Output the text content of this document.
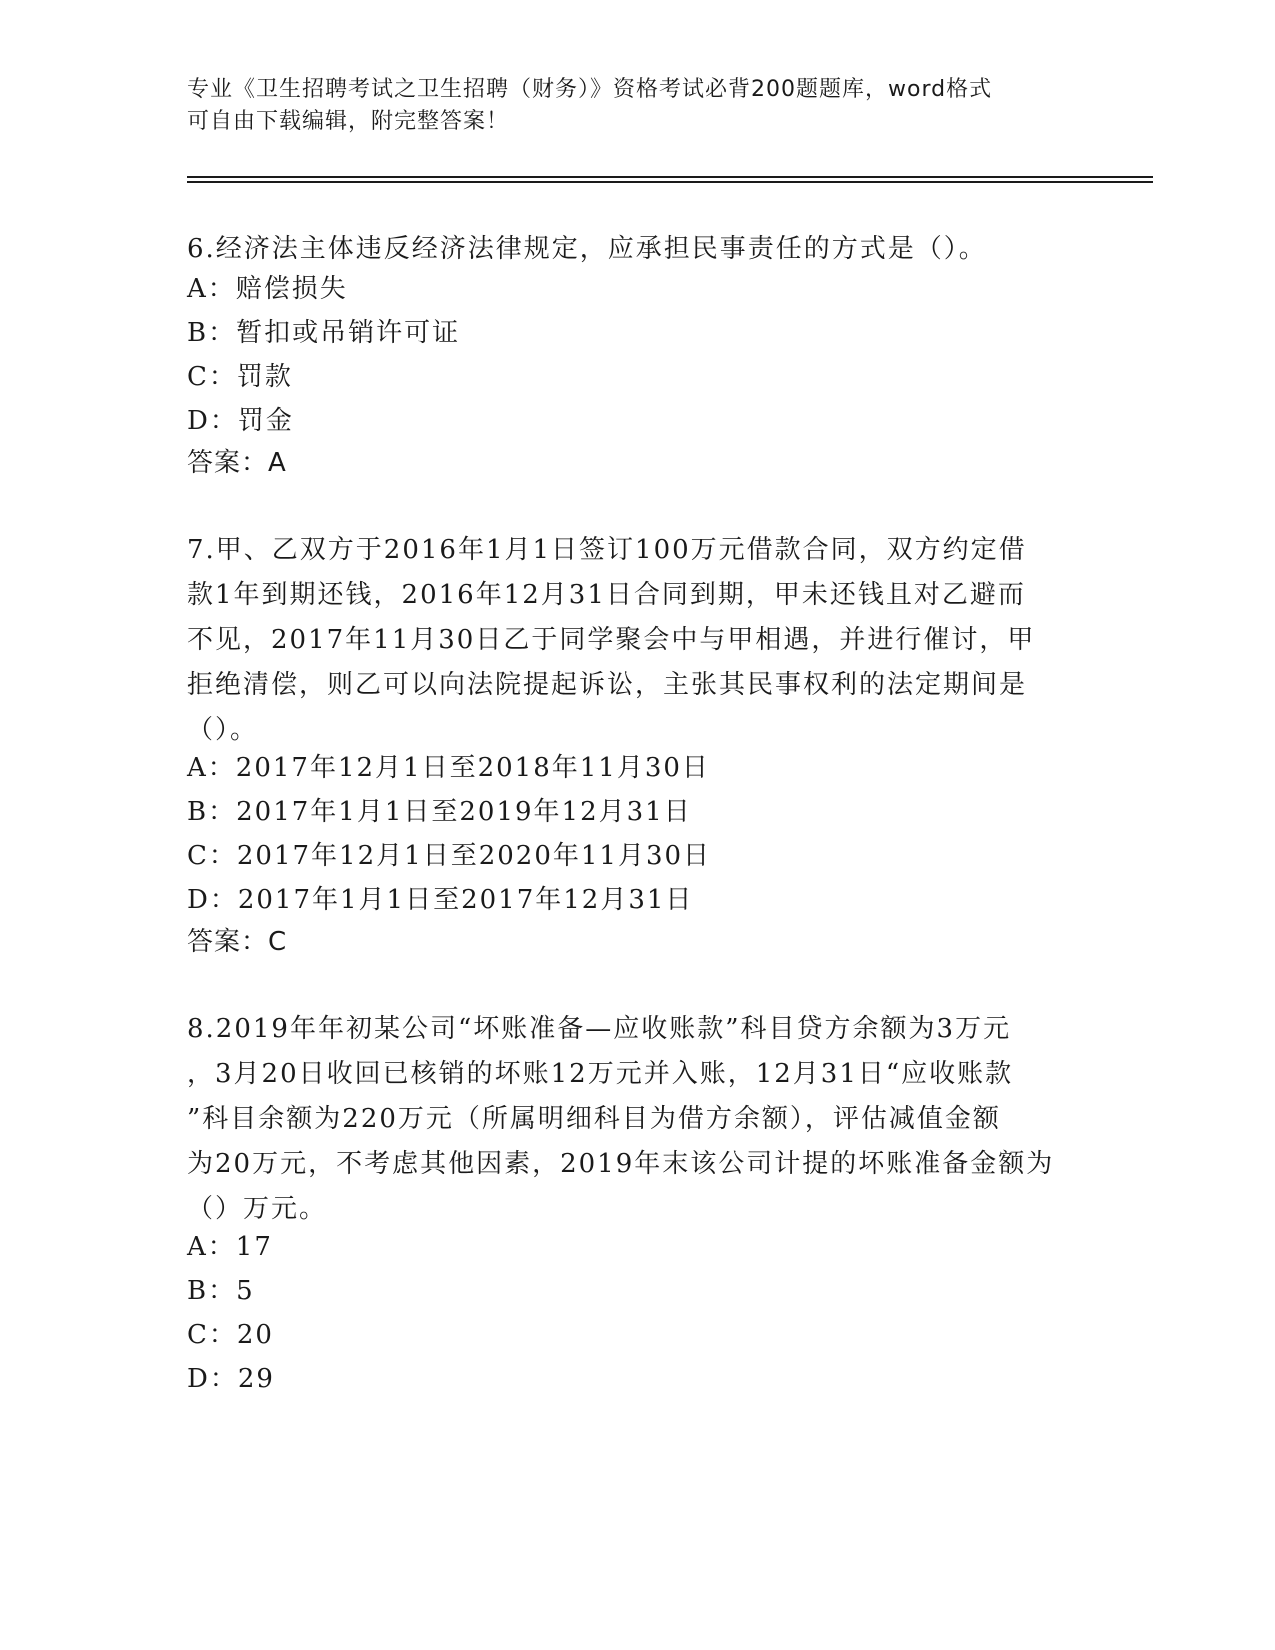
专业《卫生招聘考试之卫生招聘（财务）》资格考试必背200题题库，word格式
可自由下载编辑，附完整答案！
6.经济法主体违反经济法律规定，应承担民事责任的方式是（）。
A：赔偿损失
B：暂扣或吊销许可证
C：罚款
D：罚金
答案：A
7.甲、乙双方于2016年1月1日签订100万元借款合同，双方约定借
款1年到期还钱，2016年12月31日合同到期，甲未还钱且对乙避而
不见，2017年11月30日乙于同学聚会中与甲相遇，并进行催讨，甲
拒绝清偿，则乙可以向法院提起诉讼，主张其民事权利的法定期间是
（）。
A：2017年12月1日至2018年11月30日
B：2017年1月1日至2019年12月31日
C：2017年12月1日至2020年11月30日
D：2017年1月1日至2017年12月31日
答案：C
8.2019年年初某公司“坏账准备—应收账款”科目贷方余额为3万元
，3月20日收回已核销的坏账12万元并入账，12月31日“应收账款
”科目余额为220万元（所属明细科目为借方余额），评估减值金额
为20万元，不考虑其他因素，2019年末该公司计提的坏账准备金额为
（）万元。
A：17
B：5
C：20
D：29
